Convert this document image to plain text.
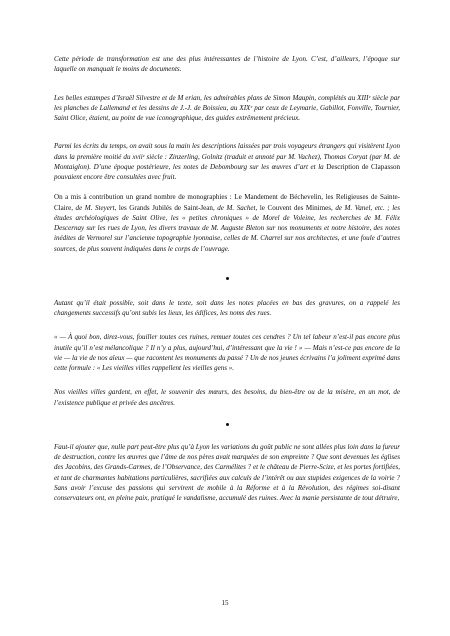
Cette période de transformation est une des plus intéressantes de l’histoire de Lyon. C’est, d’ailleurs, l’époque sur laquelle on manquait le moins de documents.

Les belles estampes d’Israël Silvestre et de M erian, les admirables plans de Simon Maupin, complétés au XIIIᵉ siècle par les planches de Lallemand et les dessins de J.-J. de Boissieu, au XIXᵉ par ceux de Leymarie, Gabillot, Fonville, Tournier, Saint Olice, étaient, au point de vue iconographique, des guides extrêmement précieux.

Parmi les écrits du temps, on avait sous la main les descriptions laissées par trois voyageurs étrangers qui visitèrent Lyon dans la première moitié du xviiᵉ siècle : Zinzerling, Golnitz (traduit et annoté par M. Vachez), Thomas Coryat (par M. de Montaiglon). D’une époque postérieure, les notes de Debombourg sur les œuvres d’art et la Description de Clapasson pouvaient encore être consultées avec fruit.

On a mis à contribution un grand nombre de monographies : Le Mandement de Béchevelin, les Religieuses de Sainte-Claire, de M. Steyert, les Grands Jubilés de Saint-Jean, de M. Sachet, le Couvent des Minimes, de M. Vanel, etc. ; les études archéologiques de Saint Olive, les « petites chroniques » de Morel de Voleine, les recherches de M. Félix Descernay sur les rues de Lyon, les divers travaux de M. Auguste Bleton sur nos monuments et notre histoire, des notes inédites de Vermorel sur l’ancienne topographie lyonnaise, celles de M. Charrel sur nos architectes, et une foule d’autres sources, de plus souvent indiquées dans le corps de l’ouvrage.

Autant qu’il était possible, soit dans le texte, soit dans les notes placées en bas des gravures, on a rappelé les changements successifs qu’ont subis les lieux, les édifices, les noms des rues.

« — À quoi bon, direz-vous, fouiller toutes ces ruines, remuer toutes ces cendres ? Un tel labeur n’est-il pas encore plus inutile qu’il n’est mélancolique ? Il n’y a plus, aujourd’hui, d’intéressant que la vie ! » — Mais n’est-ce pas encore de la vie — la vie de nos aïeux — que racontent les monuments du passé ? Un de nos jeunes écrivains l’a joliment exprimé dans cette formule : « Les vieilles villes rappellent les vieilles gens ».

Nos vieilles villes gardent, en effet, le souvenir des mœurs, des besoins, du bien-être ou de la misère, en un mot, de l’existence publique et privée des ancêtres.

Faut-il ajouter que, nulle part peut-être plus qu’à Lyon les variations du goût public ne sont allées plus loin dans la fureur de destruction, contre les œuvres que l’âme de nos pères avait marquées de son empreinte ? Que sont devenues les églises des Jacobins, des Grands-Carmes, de l’Observance, des Carmélites ? et le château de Pierre-Scize, et les portes fortifiées, et tant de charmantes habitations particulières, sacrifiées aux calculs de l’intérêt ou aux stupides exigences de la voirie ? Sans avoir l’excuse des passions qui servirent de mobile à la Réforme et à la Révolution, des régimes soi-disant conservateurs ont, en pleine paix, pratiqué le vandalisme, accumulé des ruines. Avec la manie persistante de tout détruire,

15
